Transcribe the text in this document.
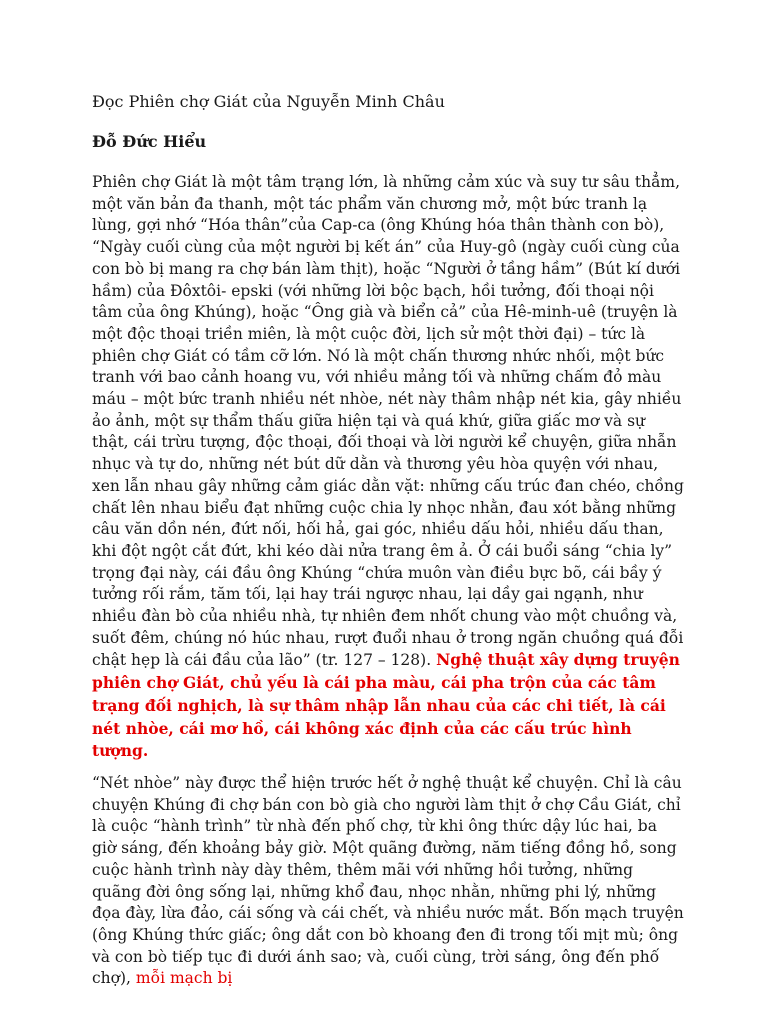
Đọc Phiên chợ Giát của Nguyễn Minh Châu
Đỗ Đức Hiểu

Phiên chợ Giát là một tâm trạng lớn, là những cảm xúc và suy tư sâu thẳm, một văn bản đa thanh, một tác phẩm văn chương mở, một bức tranh lạ lùng, gợi nhớ “Hóa thân”của Cap-ca (ông Khúng hóa thân thành con bò), “Ngày cuối cùng của một người bị kết án” của Huy-gô (ngày cuối cùng của con bò bị mang ra chợ bán làm thịt), hoặc “Người ở tầng hầm” (Bút kí dưới hầm) của Đôxtôi- epski (với những lời bộc bạch, hồi tưởng, đối thoại nội tâm của ông Khúng), hoặc “Ông già và biển cả” của Hê-minh-uê (truyện là một độc thoại triền miên, là một cuộc đời, lịch sử một thời đại) – tức là phiên chợ Giát có tầm cỡ lớn. Nó là một chấn thương nhức nhối, một bức tranh với bao cảnh hoang vu, với nhiều mảng tối và những chấm đỏ màu máu – một bức tranh nhiều nét nhòe, nét này thâm nhập nét kia, gây nhiều ảo ảnh, một sự thẩm thấu giữa hiện tại và quá khứ, giữa giấc mơ và sự thật, cái trừu tượng, độc thoại, đối thoại và lời người kể chuyện, giữa nhẫn nhục và tự do, những nét bút dữ dằn và thương yêu hòa quyện với nhau, xen lẫn nhau gây những cảm giác dằn vặt: những cấu trúc đan chéo, chồng chất lên nhau biểu đạt những cuộc chia ly nhọc nhằn, đau xót bằng những câu văn dồn nén, đứt nối, hối hả, gai góc, nhiều dấu hỏi, nhiều dấu than, khi đột ngột cắt đứt, khi kéo dài nửa trang êm ả. Ở cái buổi sáng “chia ly” trọng đại này, cái đầu ông Khúng “chứa muôn vàn điều bực bõ, cái bầy ý tưởng rối rắm, tăm tối, lại hay trái ngược nhau, lại dầy gai ngạnh, như nhiều đàn bò của nhiều nhà, tự nhiên đem nhốt chung vào một chuồng và, suốt đêm, chúng nó húc nhau, rượt đuổi nhau ở trong ngăn chuồng quá đỗi chật hẹp là cái đầu của lão” (tr. 127 – 128). Nghệ thuật xây dựng truyện phiên chợ Giát, chủ yếu là cái pha màu, cái pha trộn của các tâm trạng đối nghịch, là sự thâm nhập lẫn nhau của các chi tiết, là cái nét nhòe, cái mơ hồ, cái không xác định của các cấu trúc hình tượng.

“Nét nhòe” này được thể hiện trước hết ở nghệ thuật kể chuyện. Chỉ là câu chuyện Khúng đi chợ bán con bò già cho người làm thịt ở chợ Cầu Giát, chỉ là cuộc “hành trình” từ nhà đến phố chợ, từ khi ông thức dậy lúc hai, ba giờ sáng, đến khoảng bảy giờ. Một quãng đường, năm tiếng đồng hồ, song cuộc hành trình này dày thêm, thêm mãi với những hồi tưởng, những quãng đời ông sống lại, những khổ đau, nhọc nhằn, những phi lý, những đọa đày, lừa đảo, cái sống và cái chết, và nhiều nước mắt. Bốn mạch truyện (ông Khúng thức giấc; ông dắt con bò khoang đen đi trong tối mịt mù; ông và con bò tiếp tục đi dưới ánh sao; và, cuối cùng, trời sáng, ông đến phố chợ), mỗi mạch bị
